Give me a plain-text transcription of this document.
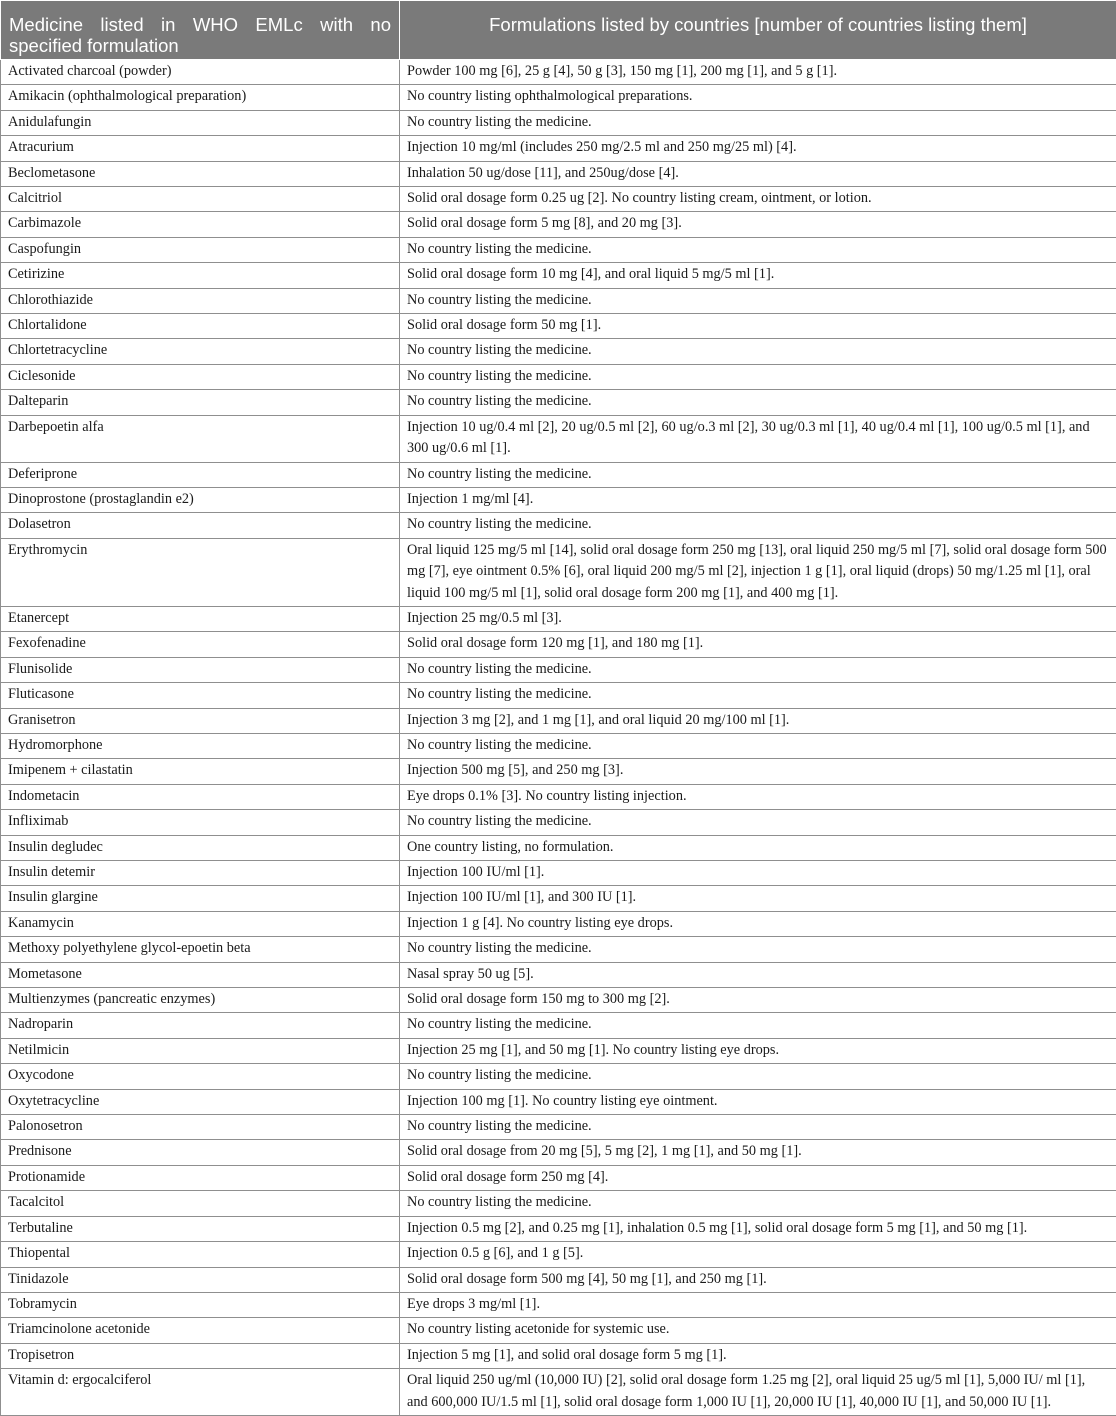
Medicine listed in WHO EMLc with no specified formulation	Formulations listed by countries [number of countries listing them]
Activated charcoal (powder)	Powder 100 mg [6], 25 g [4], 50 g [3], 150 mg [1], 200 mg [1], and 5 g [1].
Amikacin (ophthalmological preparation)	No country listing ophthalmological preparations.
Anidulafungin	No country listing the medicine.
Atracurium	Injection 10 mg/ml (includes 250 mg/2.5 ml and 250 mg/25 ml) [4].
Beclometasone	Inhalation 50 ug/dose [11], and 250ug/dose [4].
Calcitriol	Solid oral dosage form 0.25 ug [2]. No country listing cream, ointment, or lotion.
Carbimazole	Solid oral dosage form 5 mg [8], and 20 mg [3].
Caspofungin	No country listing the medicine.
Cetirizine	Solid oral dosage form 10 mg [4], and oral liquid 5 mg/5 ml [1].
Chlorothiazide	No country listing the medicine.
Chlortalidone	Solid oral dosage form 50 mg [1].
Chlortetracycline	No country listing the medicine.
Ciclesonide	No country listing the medicine.
Dalteparin	No country listing the medicine.
Darbepoetin alfa	Injection 10 ug/0.4 ml [2], 20 ug/0.5 ml [2], 60 ug/o.3 ml [2], 30 ug/0.3 ml [1], 40 ug/0.4 ml [1], 100 ug/0.5 ml [1], and 300 ug/0.6 ml [1].
Deferiprone	No country listing the medicine.
Dinoprostone (prostaglandin e2)	Injection 1 mg/ml [4].
Dolasetron	No country listing the medicine.
Erythromycin	Oral liquid 125 mg/5 ml [14], solid oral dosage form 250 mg [13], oral liquid 250 mg/5 ml [7], solid oral dosage form 500 mg [7], eye ointment 0.5% [6], oral liquid 200 mg/5 ml [2], injection 1 g [1], oral liquid (drops) 50 mg/1.25 ml [1], oral liquid 100 mg/5 ml [1], solid oral dosage form 200 mg [1], and 400 mg [1].
Etanercept	Injection 25 mg/0.5 ml [3].
Fexofenadine	Solid oral dosage form 120 mg [1], and 180 mg [1].
Flunisolide	No country listing the medicine.
Fluticasone	No country listing the medicine.
Granisetron	Injection 3 mg [2], and 1 mg [1], and oral liquid 20 mg/100 ml [1].
Hydromorphone	No country listing the medicine.
Imipenem + cilastatin	Injection 500 mg [5], and 250 mg [3].
Indometacin	Eye drops 0.1% [3]. No country listing injection.
Infliximab	No country listing the medicine.
Insulin degludec	One country listing, no formulation.
Insulin detemir	Injection 100 IU/ml [1].
Insulin glargine	Injection 100 IU/ml [1], and 300 IU [1].
Kanamycin	Injection 1 g [4]. No country listing eye drops.
Methoxy polyethylene glycol-epoetin beta	No country listing the medicine.
Mometasone	Nasal spray 50 ug [5].
Multienzymes (pancreatic enzymes)	Solid oral dosage form 150 mg to 300 mg [2].
Nadroparin	No country listing the medicine.
Netilmicin	Injection 25 mg [1], and 50 mg [1]. No country listing eye drops.
Oxycodone	No country listing the medicine.
Oxytetracycline	Injection 100 mg [1]. No country listing eye ointment.
Palonosetron	No country listing the medicine.
Prednisone	Solid oral dosage from 20 mg [5], 5 mg [2], 1 mg [1], and 50 mg [1].
Protionamide	Solid oral dosage form 250 mg [4].
Tacalcitol	No country listing the medicine.
Terbutaline	Injection 0.5 mg [2], and 0.25 mg [1], inhalation 0.5 mg [1], solid oral dosage form 5 mg [1], and 50 mg [1].
Thiopental	Injection 0.5 g [6], and 1 g [5].
Tinidazole	Solid oral dosage form 500 mg [4], 50 mg [1], and 250 mg [1].
Tobramycin	Eye drops 3 mg/ml [1].
Triamcinolone acetonide	No country listing acetonide for systemic use.
Tropisetron	Injection 5 mg [1], and solid oral dosage form 5 mg [1].
Vitamin d: ergocalciferol	Oral liquid 250 ug/ml (10,000 IU) [2], solid oral dosage form 1.25 mg [2], oral liquid 25 ug/5 ml [1], 5,000 IU/ ml [1], and 600,000 IU/1.5 ml [1], solid oral dosage form 1,000 IU [1], 20,000 IU [1], 40,000 IU [1], and 50,000 IU [1].
